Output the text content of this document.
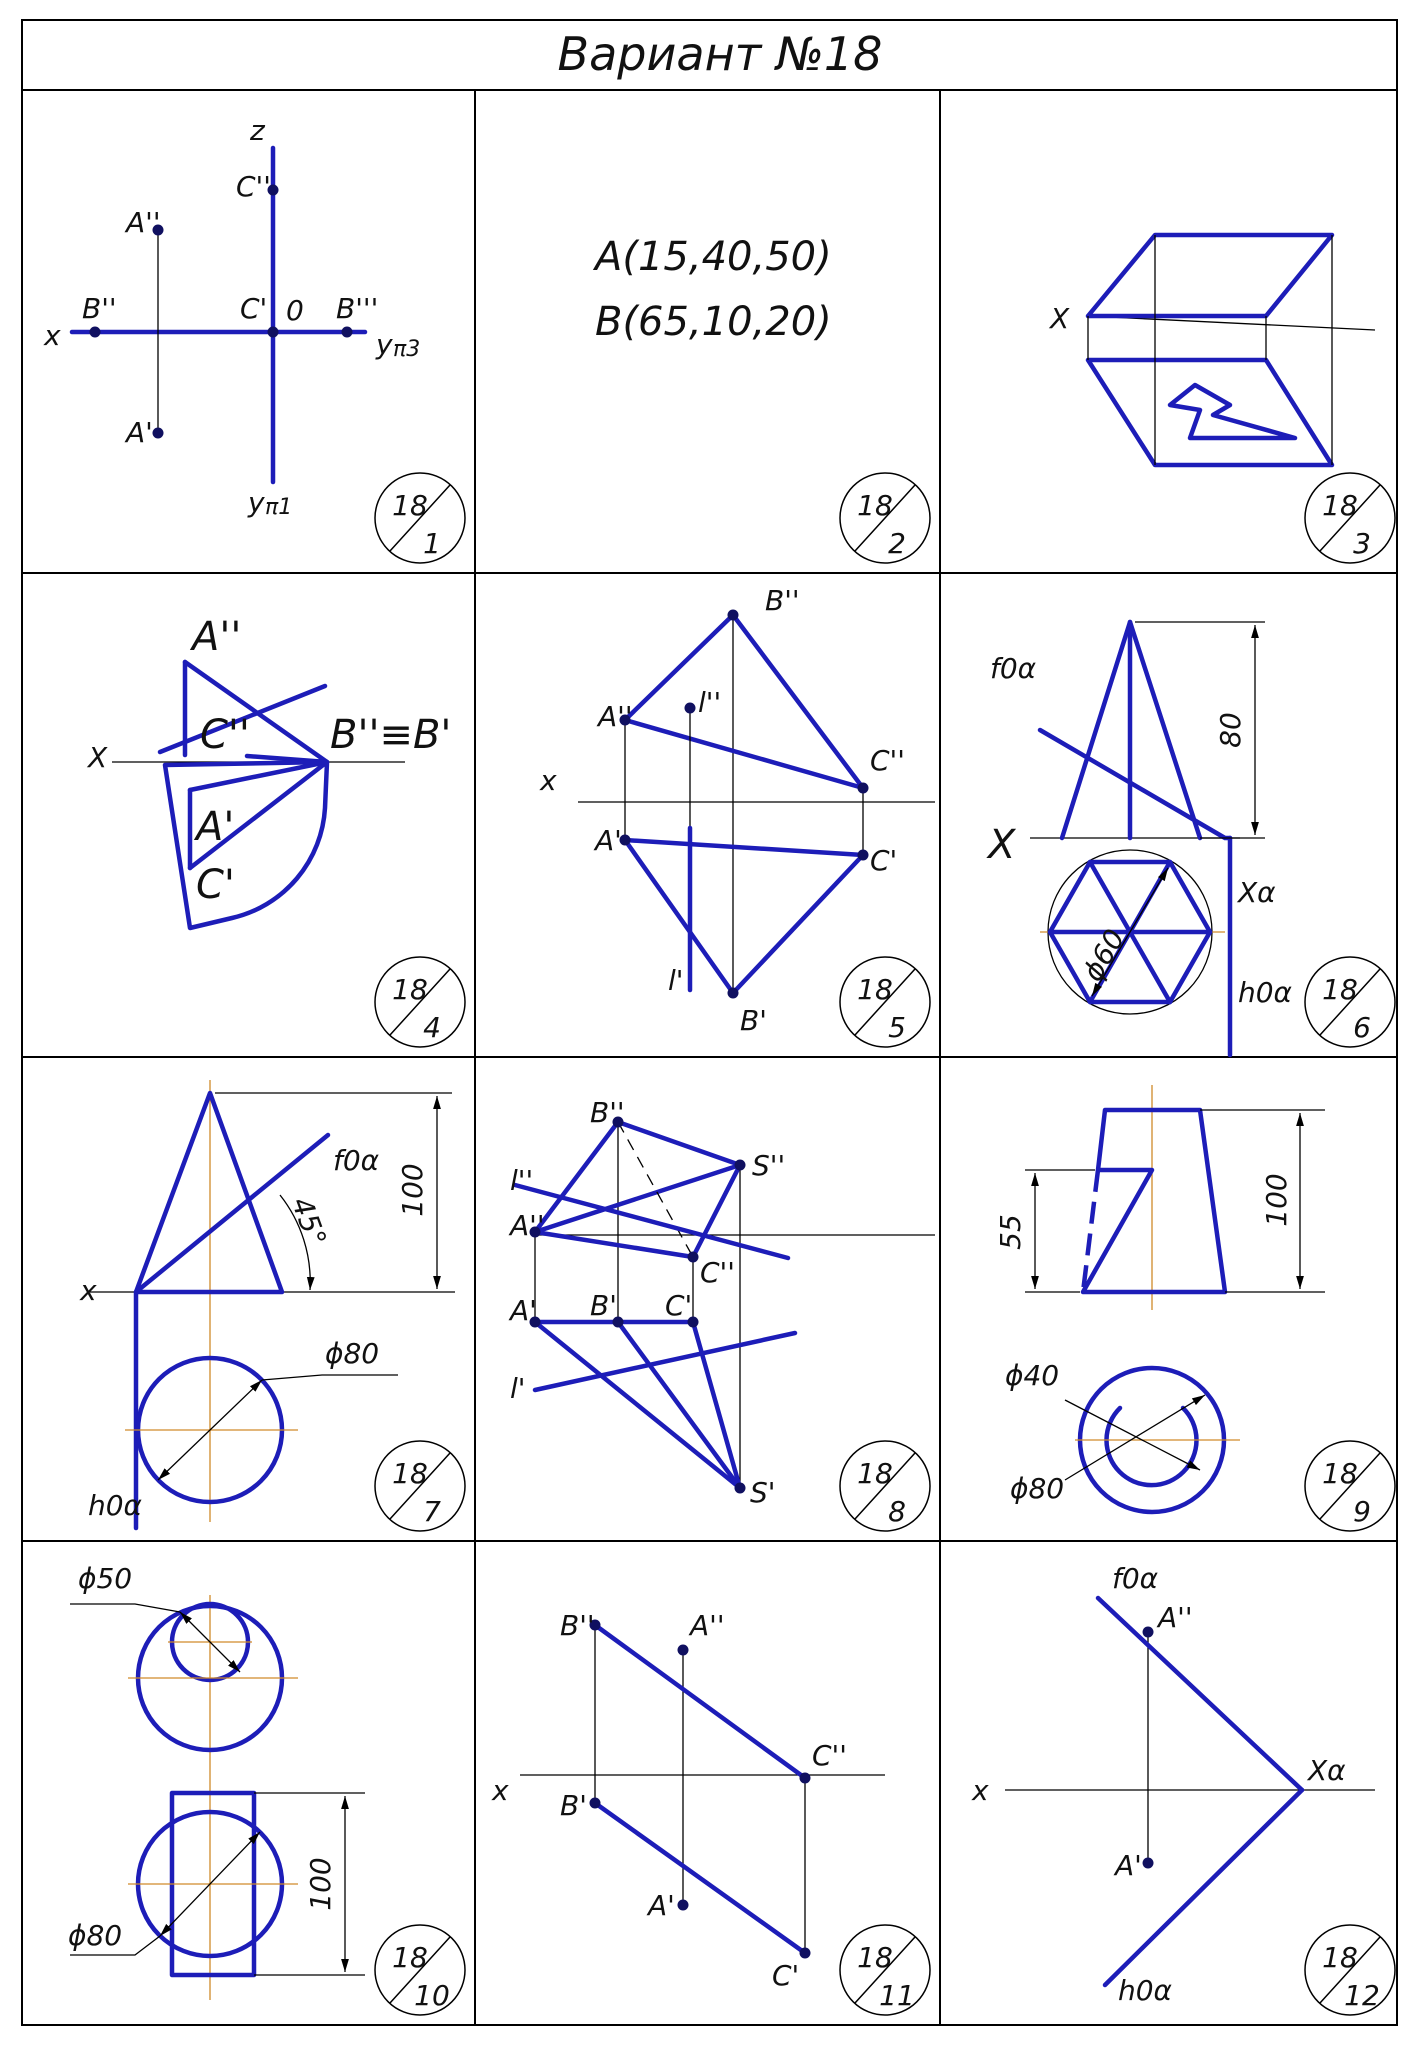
Вариант №18
z
x
0
A''
A'
B''	B'''
C''
C'
y π3
y π1
A(15,40,50)
B(65,10,20)	X
X
A''
C'' B''≡B'
A'
C'
x
B''
A'' l''
C''
A'
C'
l'
B'
80
ϕ60
f0α
X
Xα
h0α
100
45°
ϕ80
x
f0α
h0α
B''
S''
l''
A''
C''
A' B' C'
l'
S'
100
55
ϕ40
ϕ80
ϕ50
ϕ80
100
x
B''	A''
C''
B'
A'
C'
f0α
A''
x
Xα
A'
h0α
18
1
18
2
18
3
18
4
18
5
18
6
18
7
18
8
18
9
18
10
18
11
18
12
